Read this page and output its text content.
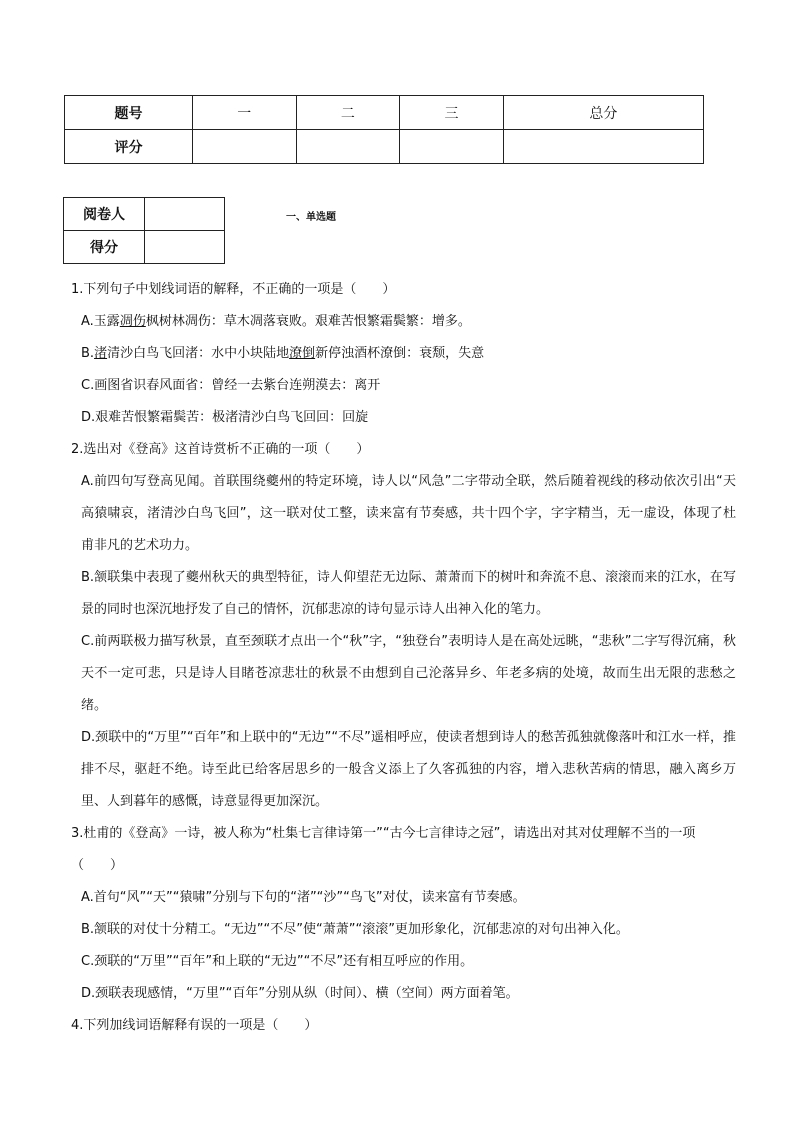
题号	一	二	三	总分
评分				
阅卷人	
得分	
一、单选题
1.下列句子中划线词语的解释，不正确的一项是（　　）
A.玉露凋伤枫树林凋伤：草木凋落衰败。艰难苦恨繁霜鬓繁：增多。
B.渚清沙白鸟飞回渚：水中小块陆地潦倒新停浊酒杯潦倒：衰颓，失意
C.画图省识春风面省：曾经一去紫台连朔漠去：离开
D.艰难苦恨繁霜鬓苦：极渚清沙白鸟飞回回：回旋
2.选出对《登高》这首诗赏析不正确的一项（　　）
A.前四句写登高见闻。首联围绕夔州的特定环境，诗人以“风急”二字带动全联，然后随着视线的移动依次引出“天高猿啸哀，渚清沙白鸟飞回”，这一联对仗工整，读来富有节奏感，共十四个字，字字精当，无一虚设，体现了杜甫非凡的艺术功力。
B.颔联集中表现了夔州秋天的典型特征，诗人仰望茫无边际、萧萧而下的树叶和奔流不息、滚滚而来的江水，在写景的同时也深沉地抒发了自己的情怀，沉郁悲凉的诗句显示诗人出神入化的笔力。
C.前两联极力描写秋景，直至颈联才点出一个“秋”字，“独登台”表明诗人是在高处远眺，“悲秋”二字写得沉痛，秋天不一定可悲，只是诗人目睹苍凉悲壮的秋景不由想到自己沦落异乡、年老多病的处境，故而生出无限的悲愁之绪。
D.颈联中的“万里”“百年”和上联中的“无边”“不尽”遥相呼应，使读者想到诗人的愁苦孤独就像落叶和江水一样，推排不尽，驱赶不绝。诗至此已给客居思乡的一般含义添上了久客孤独的内容，增入悲秋苦病的情思，融入离乡万里、人到暮年的感慨，诗意显得更加深沉。
3.杜甫的《登高》一诗，被人称为“杜集七言律诗第一”“古今七言律诗之冠”，请选出对其对仗理解不当的一项（　　）
A.首句“风”“天”“猿啸”分别与下句的“渚”“沙”“鸟飞”对仗，读来富有节奏感。
B.颔联的对仗十分精工。“无边”“不尽”使“萧萧”“滚滚”更加形象化，沉郁悲凉的对句出神入化。
C.颈联的“万里”“百年”和上联的“无边”“不尽”还有相互呼应的作用。
D.颈联表现感情，“万里”“百年”分别从纵（时间）、横（空间）两方面着笔。
4.下列加线词语解释有误的一项是（　　）
